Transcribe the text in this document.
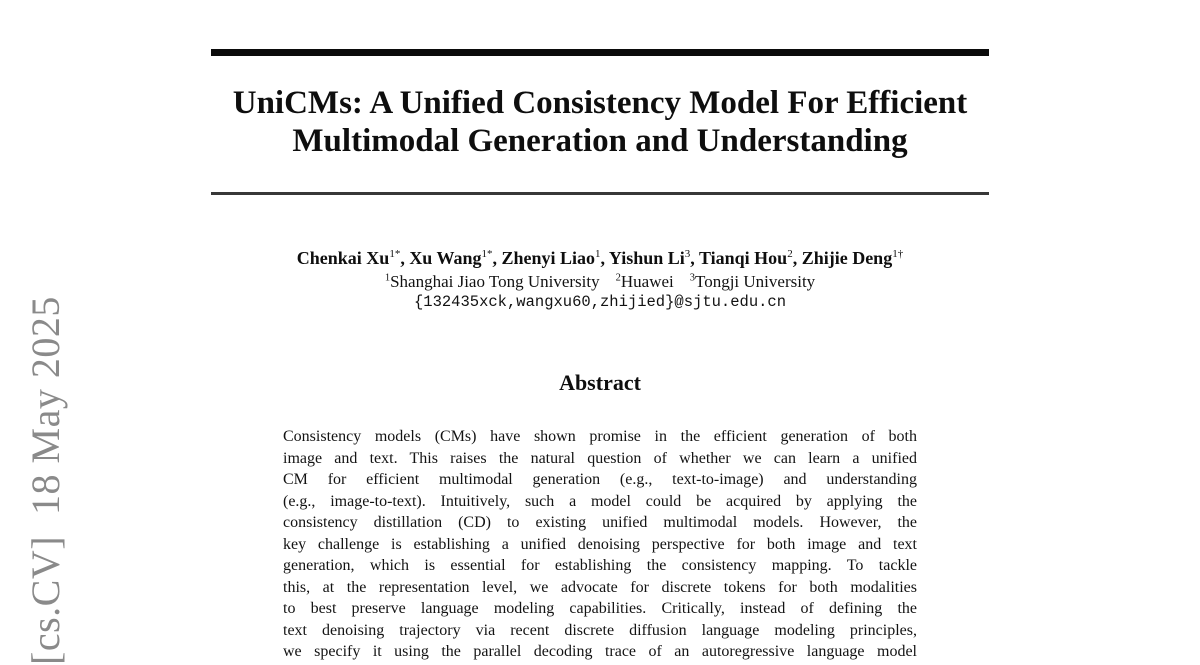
[cs.CV]  18 May 2025
UniCMs: A Unified Consistency Model For Efficient
Multimodal Generation and Understanding
Chenkai $Xu^{1*}$, Xu Wang$^{1*}$, Zhenyi Liao$^1$, Yishun Li$^3$, Tianqi Hou$^2$, Zhijie Deng$^{1\dagger}$
$^1$Shanghai Jiao Tong University $^2$Huawei $^3$Tongji University
{132435xck,wangxu60,zhijied}@sjtu.edu.cn
Abstract
Consistency models (CMs) have shown promise in the efficient generation of both
image and text. This raises the natural question of whether we can learn a unified
CM for efficient multimodal generation (e.g., text-to-image) and understanding
(e.g., image-to-text). Intuitively, such a model could be acquired by applying the
consistency distillation (CD) to existing unified multimodal models. However, the
key challenge is establishing a unified denoising perspective for both image and text
generation, which is essential for establishing the consistency mapping. To tackle
this, at the representation level, we advocate for discrete tokens for both modalities
to best preserve language modeling capabilities. Critically, instead of defining the
text denoising trajectory via recent discrete diffusion language modeling principles,
we specify it using the parallel decoding trace of an autoregressive language model
